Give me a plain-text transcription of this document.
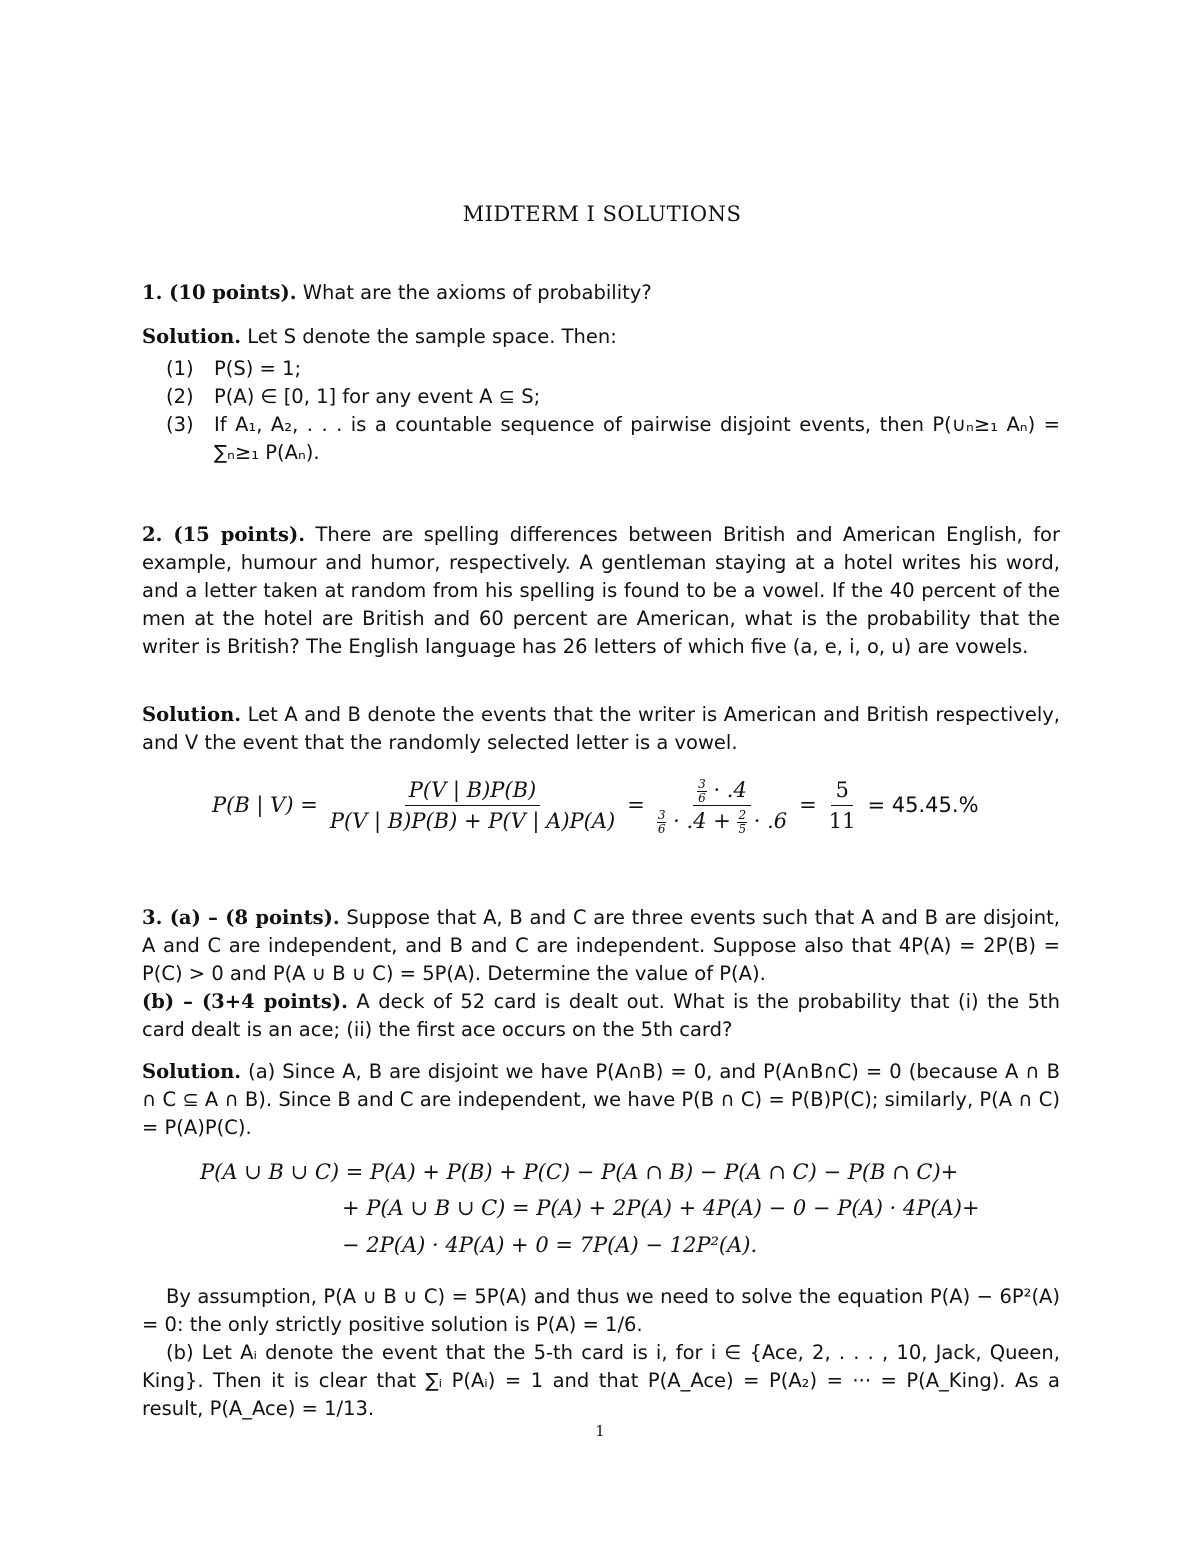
MIDTERM I SOLUTIONS

1. (10 points). What are the axioms of probability?

Solution. Let S denote the sample space. Then:

(1) P(S) = 1;
(2) P(A) ∈ [0, 1] for any event A ⊆ S;
(3) If A₁, A₂, . . . is a countable sequence of pairwise disjoint events, then P(∪ₙ≥₁ Aₙ) = ∑ₙ≥₁ P(Aₙ).

2. (15 points). There are spelling differences between British and American English, for example, humour and humor, respectively. A gentleman staying at a hotel writes his word, and a letter taken at random from his spelling is found to be a vowel. If the 40 percent of the men at the hotel are British and 60 percent are American, what is the probability that the writer is British? The English language has 26 letters of which five (a, e, i, o, u) are vowels.

Solution. Let A and B denote the events that the writer is American and British respectively, and V the event that the randomly selected letter is a vowel.

P(B | $V) = \frac{P(V | B)P(B)}{P(V | B)P(B) + P(V | A)P(A)} = \frac{\frac{3}{6} \cdot .4}{\frac{3}{6} \cdot .4 + \frac{2}{5} \cdot .6} = \frac{5}{11} = 45.45.\%$

3. (a) – (8 points). Suppose that A, B and C are three events such that A and B are disjoint, A and C are independent, and B and C are independent. Suppose also that 4P(A) = 2P(B) = P(C) > 0 and P(A ∪ B ∪ C) = 5P(A). Determine the value of P(A).

(b) – (3+4 points). A deck of 52 card is dealt out. What is the probability that (i) the 5th card dealt is an ace; (ii) the first ace occurs on the 5th card?

Solution. (a) Since A, B are disjoint we have P(A∩B) = 0, and P(A∩B∩C) = 0 (because A ∩ B ∩ C ⊆ A ∩ B). Since B and C are independent, we have P(B ∩ C) = P(B)P(C); similarly, P(A ∩ C) = P(A)P(C).

P(A ∪ B ∪ C) = P(A) + P(B) + P(C) − P(A ∩ B) − P(A ∩ C) − P(B ∩ C)+
+ P(A ∪ B ∪ C) = P(A) + 2P(A) + 4P(A) − 0 − P(A) · 4P(A)+
− 2P(A) · 4P(A) + 0 = 7P(A) − 12P²(A).

By assumption, P(A ∪ B ∪ C) = 5P(A) and thus we need to solve the equation P(A) − 6P²(A) = 0: the only strictly positive solution is P(A) = 1/6.

(b) Let Aᵢ denote the event that the 5-th card is i, for i ∈ {Ace, 2, . . . , 10, Jack, Queen, King}. Then it is clear that ∑ᵢ P(Aᵢ) = 1 and that P(A_Ace) = P(A₂) = ··· = P(A_King). As a result, P(A_Ace) = 1/13.

1
